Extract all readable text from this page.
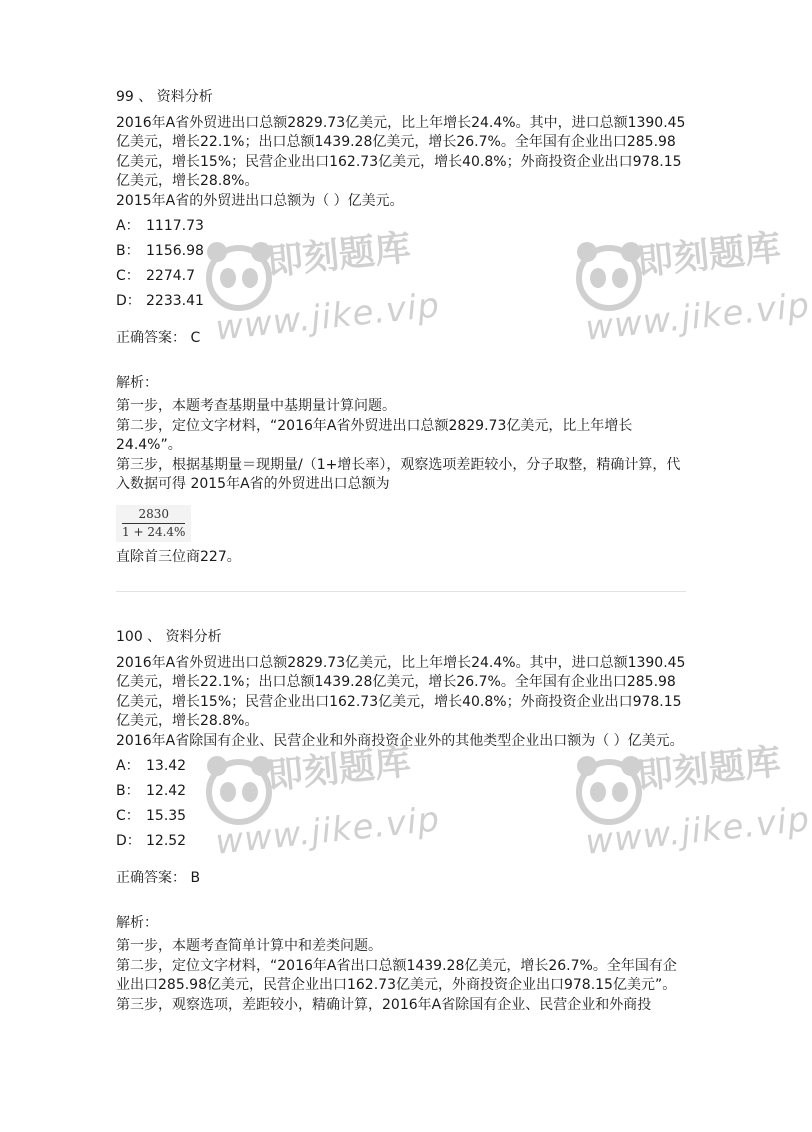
99 、 资料分析

2016年A省外贸进出口总额2829.73亿美元，比上年增长24.4%。其中，进口总额1390.45亿美元，增长22.1%；出口总额1439.28亿美元，增长26.7%。全年国有企业出口285.98亿美元，增长15%；民营企业出口162.73亿美元，增长40.8%；外商投资企业出口978.15亿美元，增长28.8%。

2015年A省的外贸进出口总额为（ ）亿美元。

A： 1117.73

B： 1156.98

C： 2274.7

D： 2233.41

正确答案： C

解析：

第一步，本题考查基期量中基期量计算问题。

第二步，定位文字材料，“2016年A省外贸进出口总额2829.73亿美元，比上年增长24.4%”。

第三步，根据基期量＝现期量/（1+增长率），观察选项差距较小，分子取整，精确计算，代入数据可得 2015年A省的外贸进出口总额为

$\frac{2830}{1 + 24.4\%}$

直除首三位商227。

100 、 资料分析

2016年A省外贸进出口总额2829.73亿美元，比上年增长24.4%。其中，进口总额1390.45亿美元，增长22.1%；出口总额1439.28亿美元，增长26.7%。全年国有企业出口285.98亿美元，增长15%；民营企业出口162.73亿美元，增长40.8%；外商投资企业出口978.15亿美元，增长28.8%。

2016年A省除国有企业、民营企业和外商投资企业外的其他类型企业出口额为（ ）亿美元。

A： 13.42

B： 12.42

C： 15.35

D： 12.52

正确答案： B

解析：

第一步，本题考查简单计算中和差类问题。

第二步，定位文字材料，“2016年A省出口总额1439.28亿美元，增长26.7%。全年国有企业出口285.98亿美元，民营企业出口162.73亿美元，外商投资企业出口978.15亿美元”。

第三步，观察选项，差距较小，精确计算，2016年A省除国有企业、民营企业和外商投

即刻题库
www.jike.vip
即刻题库
www.jike.vip
即刻题库
www.jike.vip
即刻题库
www.jike.vip
